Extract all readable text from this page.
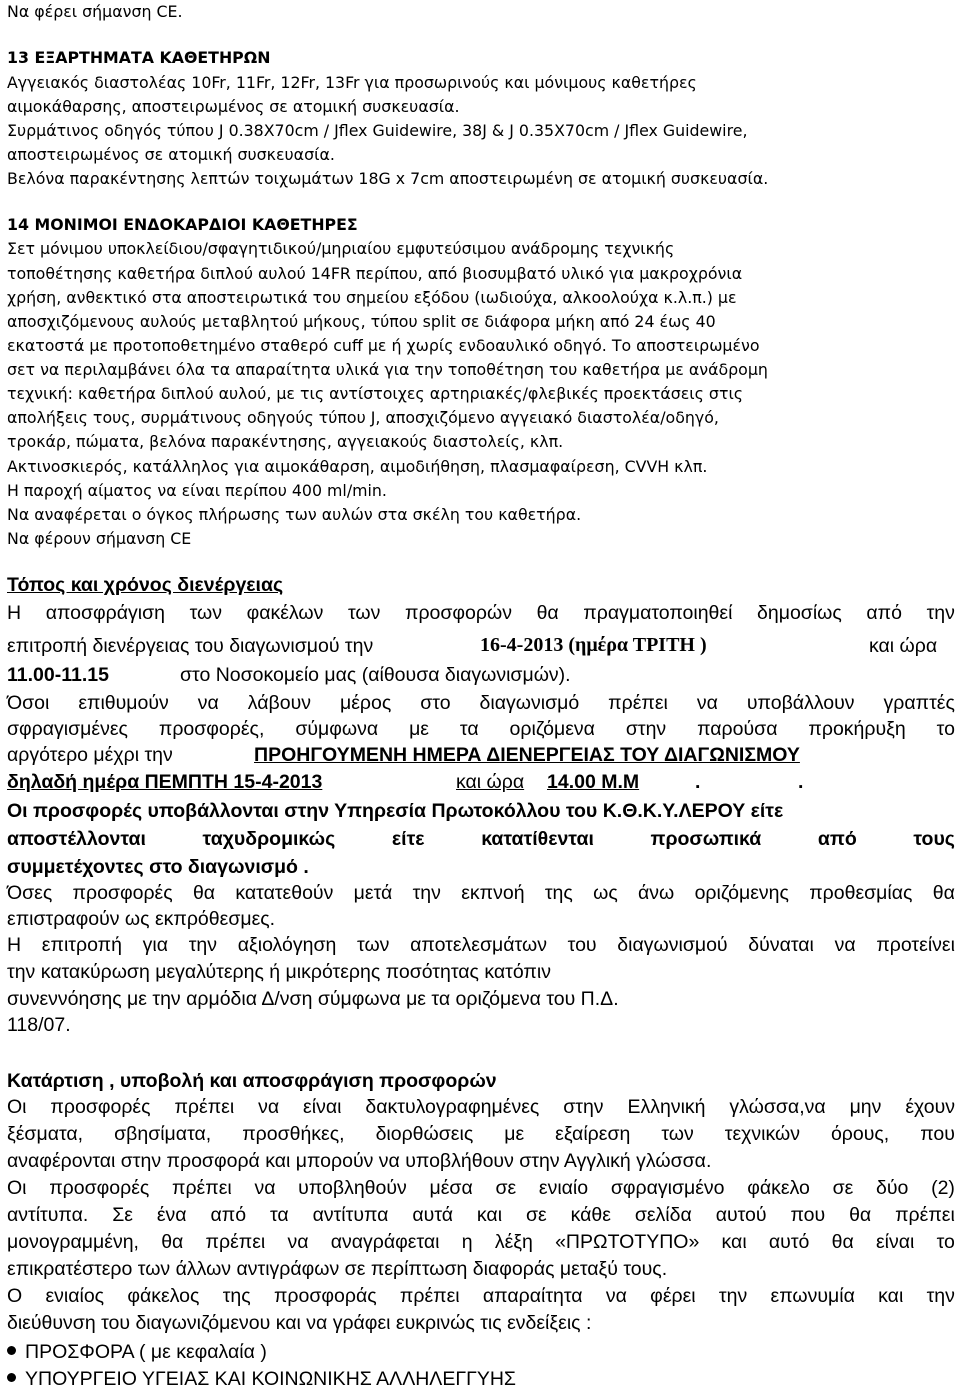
Να φέρει σήμανση CE.
13 ΕΞΑΡΤΗΜΑΤΑ ΚΑΘΕΤΗΡΩΝ
Αγγειακός διαστολέας 10Fr, 11Fr, 12Fr, 13Fr για προσωρινούς και μόνιμους καθετήρες
αιμοκάθαρσης, αποστειρωμένος σε ατομική συσκευασία.
Συρμάτινος οδηγός τύπου J 0.38X70cm / Jflex Guidewire, 38J & J 0.35X70cm / Jflex Guidewire,
αποστειρωμένος σε ατομική συσκευασία.
Βελόνα παρακέντησης λεπτών τοιχωμάτων 18G x 7cm αποστειρωμένη σε ατομική συσκευασία.
14 ΜΟΝΙΜΟΙ ΕΝΔΟΚΑΡΔΙΟΙ ΚΑΘΕΤΗΡΕΣ
Σετ μόνιμου υποκλείδιου/σφαγητιδικού/μηριαίου εμφυτεύσιμου ανάδρομης τεχνικής
τοποθέτησης καθετήρα διπλού αυλού 14FR περίπου, από βιοσυμβατό υλικό για μακροχρόνια
χρήση, ανθεκτικό στα αποστειρωτικά του σημείου εξόδου (ιωδιούχα, αλκοολούχα κ.λ.π.) με
αποσχιζόμενους αυλούς μεταβλητού μήκους, τύπου split σε διάφορα μήκη από 24 έως 40
εκατοστά με προτοποθετημένο σταθερό cuff με ή χωρίς ενδοαυλικό οδηγό. Το αποστειρωμένο
σετ να περιλαμβάνει όλα τα απαραίτητα υλικά για την τοποθέτηση του καθετήρα με ανάδρομη
τεχνική: καθετήρα διπλού αυλού, με τις αντίστοιχες αρτηριακές/φλεβικές προεκτάσεις στις
απολήξεις τους, συρμάτινους οδηγούς τύπου J, αποσχιζόμενο αγγειακό διαστολέα/οδηγό,
τροκάρ, πώματα, βελόνα παρακέντησης, αγγειακούς διαστολείς, κλπ.
Ακτινοσκιερός, κατάλληλος για αιμοκάθαρση, αιμοδιήθηση, πλασμαφαίρεση, CVVH κλπ.
Η παροχή αίματος να είναι περίπου 400 ml/min.
Να αναφέρεται ο όγκος πλήρωσης των αυλών στα σκέλη του καθετήρα.
Να φέρουν σήμανση CE
Τόπος και χρόνος διενέργειας
Η αποσφράγιση των φακέλων των προσφορών θα πραγματοποιηθεί δημοσίως από την
επιτροπή διενέργειας του διαγωνισμού την	16-4-2013 (ημέρα ΤΡΙΤΗ )	και ώρα
11.00-11.15	στο Νοσοκομείο μας (αίθουσα διαγωνισμών).
Όσοι επιθυμούν να λάβουν μέρος στο διαγωνισμό πρέπει να υποβάλλουν γραπτές
σφραγισμένες προσφορές, σύμφωνα με τα οριζόμενα στην παρούσα προκήρυξη το
αργότερο μέχρι την	ΠΡΟΗΓΟΥΜΕΝΗ ΗΜΕΡΑ ΔΙΕΝΕΡΓΕΙΑΣ ΤΟΥ ΔΙΑΓΩΝΙΣΜΟΥ
δηλαδή ημέρα ΠΕΜΠΤΗ 15-4-2013	και ώρα 14.00 Μ.Μ	.	.
Οι προσφορές υποβάλλονται στην Υπηρεσία Πρωτοκόλλου του Κ.Θ.Κ.Υ.ΛΕΡΟΥ είτε
αποστέλλονται	ταχυδρομικώς	είτε	κατατίθενται	προσωπικά	από	τους
συμμετέχοντες στο διαγωνισμό .
Όσες προσφορές θα κατατεθούν μετά την εκπνοή της ως άνω οριζόμενης προθεσμίας θα
επιστραφούν ως εκπρόθεσμες.
Η επιτροπή για την αξιολόγηση των αποτελεσμάτων του διαγωνισμού δύναται να προτείνει
την κατακύρωση μεγαλύτερης ή μικρότερης ποσότητας κατόπιν
συνεννόησης με την αρμόδια Δ/νση σύμφωνα με τα οριζόμενα του Π.Δ.
118/07.
Κατάρτιση , υποβολή και αποσφράγιση προσφορών
Οι προσφορές πρέπει να είναι δακτυλογραφημένες στην Ελληνική γλώσσα,να μην έχουν
ξέσματα, σβησίματα, προσθήκες, διορθώσεις με εξαίρεση των τεχνικών όρους, που
αναφέρονται στην προσφορά και μπορούν να υποβλήθουν στην Αγγλική γλώσσα.
Οι προσφορές πρέπει να υποβληθούν μέσα σε ενιαίο σφραγισμένο φάκελο σε δύο (2)
αντίτυπα. Σε ένα από τα αντίτυπα αυτά και σε κάθε σελίδα αυτού που θα πρέπει
μονογραμμένη, θα πρέπει να αναγράφεται η λέξη «ΠΡΩΤΟΤΥΠΟ» και αυτό θα είναι το
επικρατέστερο των άλλων αντιγράφων σε περίπτωση διαφοράς μεταξύ τους.
Ο ενιαίος φάκελος της προσφοράς πρέπει απαραίτητα να φέρει την επωνυμία και την
διεύθυνση του διαγωνιζόμενου και να γράφει ευκρινώς τις ενδείξεις :
ΠΡΟΣΦΟΡΑ ( με κεφαλαία )
ΥΠΟΥΡΓΕΙΟ ΥΓΕΙΑΣ ΚΑΙ ΚΟΙΝΩΝΙΚΗΣ ΑΛΛΗΛΕΓΓΥΗΣ
